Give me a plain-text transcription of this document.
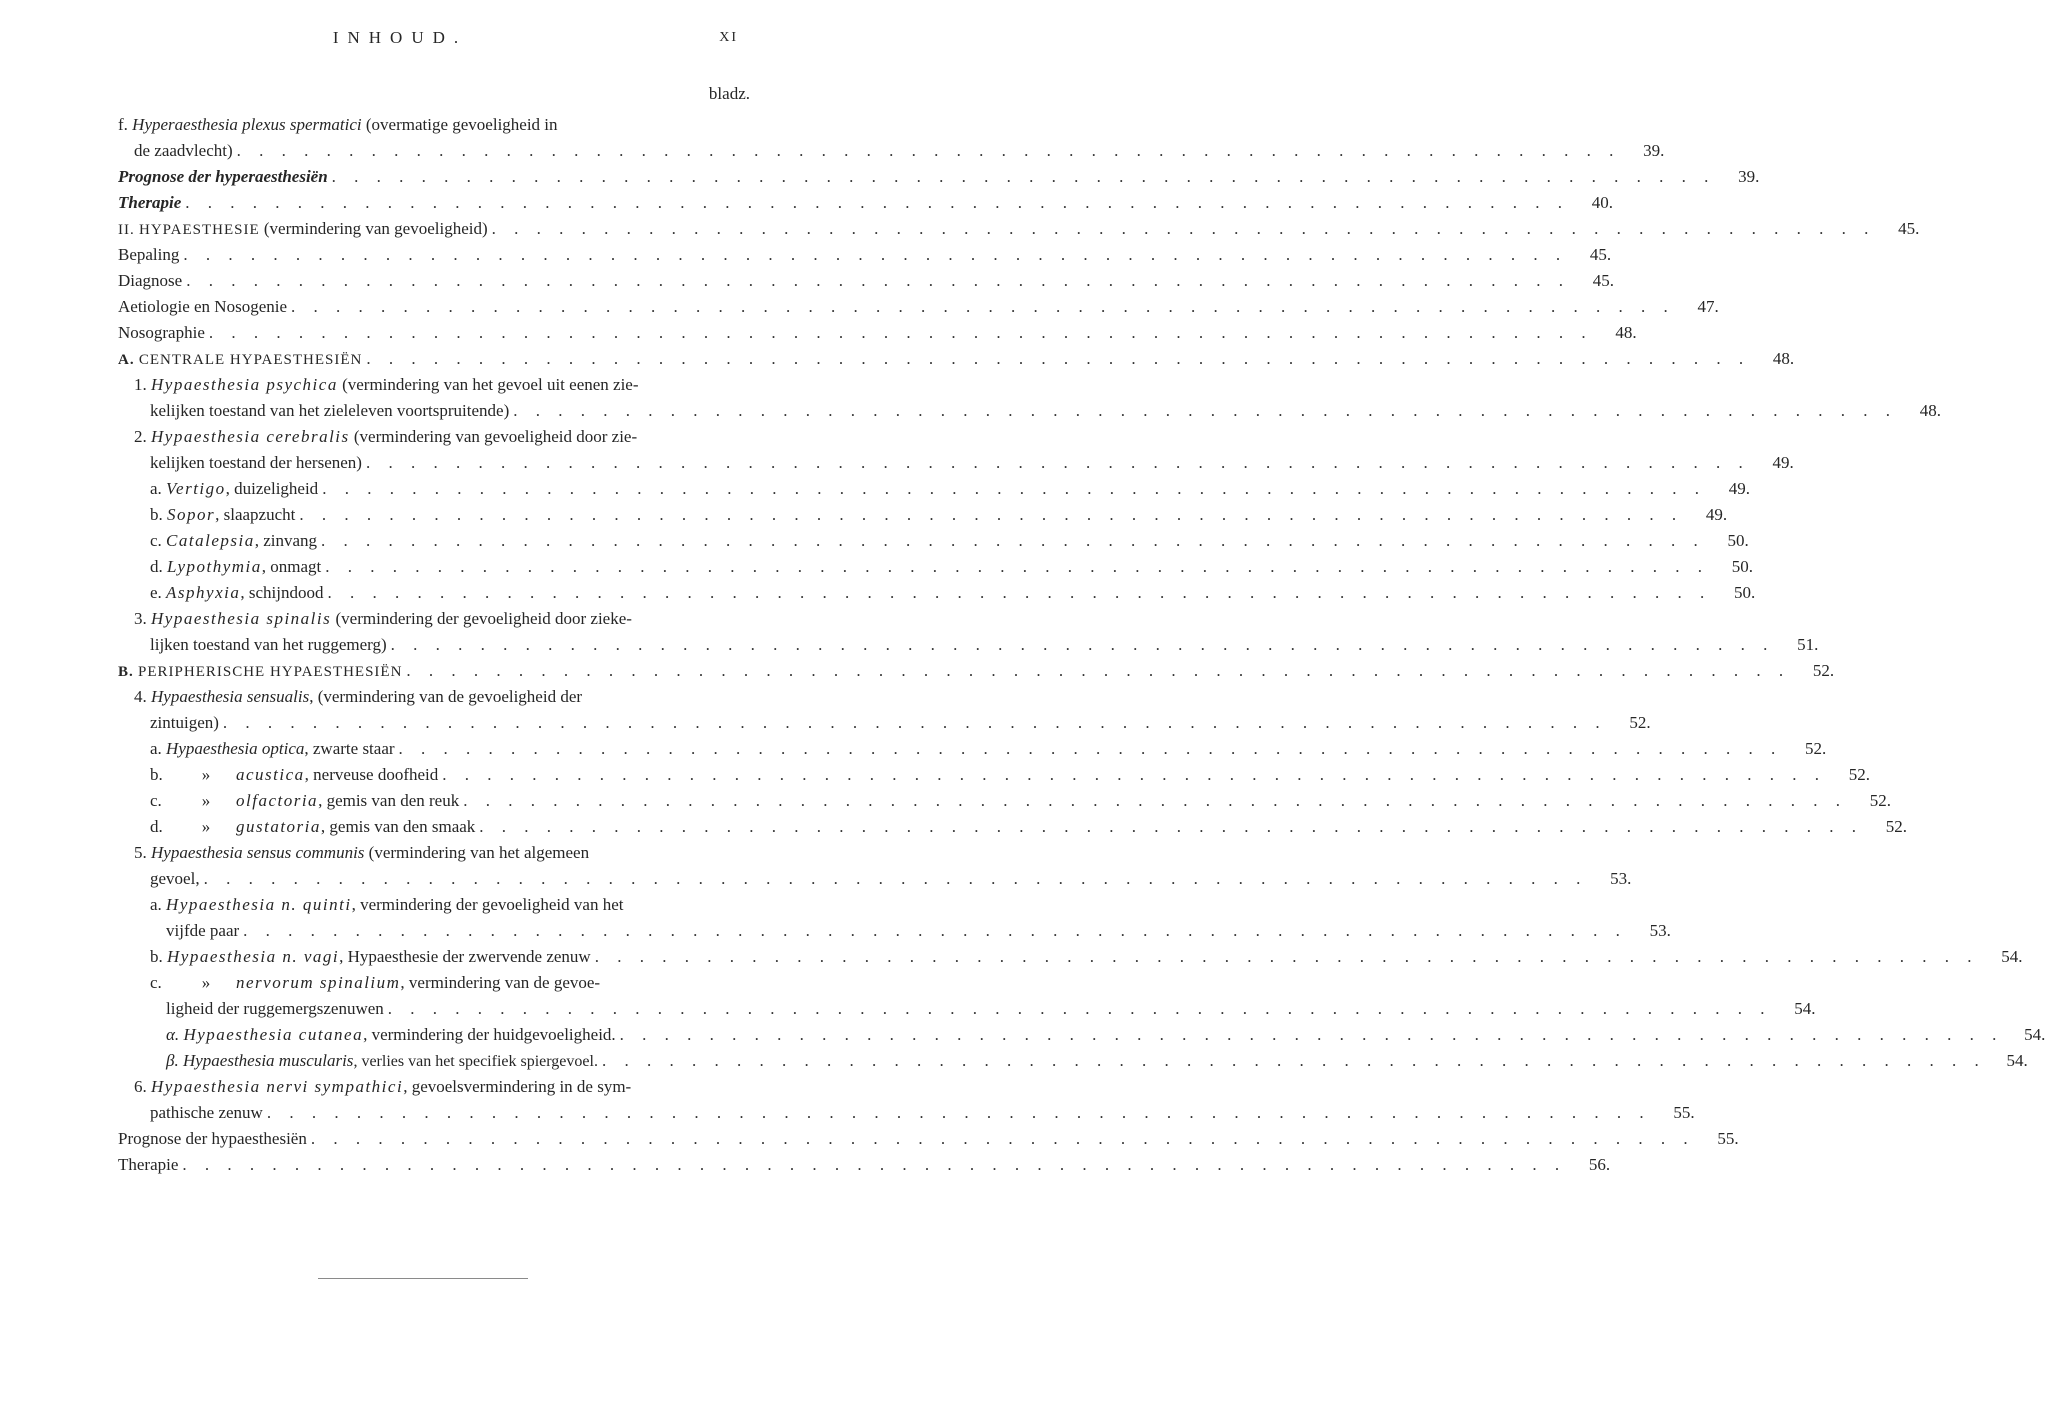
INHOUD.	XI
bladz.
f. Hyperaesthesia plexus spermatici (overmatige gevoeligheid in
de zaadvlecht) . . . . . . . . . . . . . . . . . . . . . . . . . . . . . . . . . . . . . . . . . . . . . . . . . . . . . . . . . . . . . .	39.
Prognose der hyperaesthesiën . . . . . . . . . . . . . . . . . . . . . . . . . . . . . . . . . . . . . . . . . . . . . . . . . . . . . . . . . . . . . .	39.
Therapie . . . . . . . . . . . . . . . . . . . . . . . . . . . . . . . . . . . . . . . . . . . . . . . . . . . . . . . . . . . . . .	40.
II. HYPAESTHESIE (vermindering van gevoeligheid) . . . . . . . . . . . . . . . . . . . . . . . . . . . . . . . . . . . . . . . . . . . . . . . . . . . . . . . . . . . . . .	45.
Bepaling . . . . . . . . . . . . . . . . . . . . . . . . . . . . . . . . . . . . . . . . . . . . . . . . . . . . . . . . . . . . . .	45.
Diagnose . . . . . . . . . . . . . . . . . . . . . . . . . . . . . . . . . . . . . . . . . . . . . . . . . . . . . . . . . . . . . .	45.
Aetiologie en Nosogenie . . . . . . . . . . . . . . . . . . . . . . . . . . . . . . . . . . . . . . . . . . . . . . . . . . . . . . . . . . . . . .	47.
Nosographie . . . . . . . . . . . . . . . . . . . . . . . . . . . . . . . . . . . . . . . . . . . . . . . . . . . . . . . . . . . . . .	48.
A. CENTRALE HYPAESTHESIËN . . . . . . . . . . . . . . . . . . . . . . . . . . . . . . . . . . . . . . . . . . . . . . . . . . . . . . . . . . . . . .	48.
1. Hypaesthesia psychica (vermindering van het gevoel uit eenen zie-
kelijken toestand van het zieleleven voortspruitende) . . . . . . . . . . . . . . . . . . . . . . . . . . . . . . . . . . . . . . . . . . . . . . . . . . . . . . . . . . . . . .	48.
2. Hypaesthesia cerebralis (vermindering van gevoeligheid door zie-
kelijken toestand der hersenen) . . . . . . . . . . . . . . . . . . . . . . . . . . . . . . . . . . . . . . . . . . . . . . . . . . . . . . . . . . . . . .	49.
a. Vertigo, duizeligheid . . . . . . . . . . . . . . . . . . . . . . . . . . . . . . . . . . . . . . . . . . . . . . . . . . . . . . . . . . . . . .	49.
b. Sopor, slaapzucht . . . . . . . . . . . . . . . . . . . . . . . . . . . . . . . . . . . . . . . . . . . . . . . . . . . . . . . . . . . . . .	49.
c. Catalepsia, zinvang . . . . . . . . . . . . . . . . . . . . . . . . . . . . . . . . . . . . . . . . . . . . . . . . . . . . . . . . . . . . . .	50.
d. Lypothymia, onmagt . . . . . . . . . . . . . . . . . . . . . . . . . . . . . . . . . . . . . . . . . . . . . . . . . . . . . . . . . . . . . .	50.
e. Asphyxia, schijndood . . . . . . . . . . . . . . . . . . . . . . . . . . . . . . . . . . . . . . . . . . . . . . . . . . . . . . . . . . . . . .	50.
3. Hypaesthesia spinalis (vermindering der gevoeligheid door zieke-
lijken toestand van het ruggemerg) . . . . . . . . . . . . . . . . . . . . . . . . . . . . . . . . . . . . . . . . . . . . . . . . . . . . . . . . . . . . . .	51.
B. PERIPHERISCHE HYPAESTHESIËN . . . . . . . . . . . . . . . . . . . . . . . . . . . . . . . . . . . . . . . . . . . . . . . . . . . . . . . . . . . . . .	52.
4. Hypaesthesia sensualis, (vermindering van de gevoeligheid der
zintuigen) . . . . . . . . . . . . . . . . . . . . . . . . . . . . . . . . . . . . . . . . . . . . . . . . . . . . . . . . . . . . . .	52.
a. Hypaesthesia optica, zwarte staar . . . . . . . . . . . . . . . . . . . . . . . . . . . . . . . . . . . . . . . . . . . . . . . . . . . . . . . . . . . . . .	52.
b. » acustica, nerveuse doofheid . . . . . . . . . . . . . . . . . . . . . . . . . . . . . . . . . . . . . . . . . . . . . . . . . . . . . . . . . . . . . .	52.
c. » olfactoria, gemis van den reuk . . . . . . . . . . . . . . . . . . . . . . . . . . . . . . . . . . . . . . . . . . . . . . . . . . . . . . . . . . . . . .	52.
d. » gustatoria, gemis van den smaak . . . . . . . . . . . . . . . . . . . . . . . . . . . . . . . . . . . . . . . . . . . . . . . . . . . . . . . . . . . . . .	52.
5. Hypaesthesia sensus communis (vermindering van het algemeen
gevoel, . . . . . . . . . . . . . . . . . . . . . . . . . . . . . . . . . . . . . . . . . . . . . . . . . . . . . . . . . . . . . .	53.
a. Hypaesthesia n. quinti, vermindering der gevoeligheid van het
vijfde paar . . . . . . . . . . . . . . . . . . . . . . . . . . . . . . . . . . . . . . . . . . . . . . . . . . . . . . . . . . . . . .	53.
b. Hypaesthesia n. vagi, Hypaesthesie der zwervende zenuw . . . . . . . . . . . . . . . . . . . . . . . . . . . . . . . . . . . . . . . . . . . . . . . . . . . . . . . . . . . . . .	54.
c. » nervorum spinalium, vermindering van de gevoe-
ligheid der ruggemergszenuwen . . . . . . . . . . . . . . . . . . . . . . . . . . . . . . . . . . . . . . . . . . . . . . . . . . . . . . . . . . . . . .	54.
α. Hypaesthesia cutanea, vermindering der huidgevoeligheid. . . . . . . . . . . . . . . . . . . . . . . . . . . . . . . . . . . . . . . . . . . . . . . . . . . . . . . . . . . . . . .	54.
β. Hypaesthesia muscularis, verlies van het specifiek spiergevoel. . . . . . . . . . . . . . . . . . . . . . . . . . . . . . . . . . . . . . . . . . . . . . . . . . . . . . . . . . . . . . .	54.
6. Hypaesthesia nervi sympathici, gevoelsvermindering in de sym-
pathische zenuw . . . . . . . . . . . . . . . . . . . . . . . . . . . . . . . . . . . . . . . . . . . . . . . . . . . . . . . . . . . . . .	55.
Prognose der hypaesthesiën . . . . . . . . . . . . . . . . . . . . . . . . . . . . . . . . . . . . . . . . . . . . . . . . . . . . . . . . . . . . . .	55.
Therapie . . . . . . . . . . . . . . . . . . . . . . . . . . . . . . . . . . . . . . . . . . . . . . . . . . . . . . . . . . . . . .	56.
